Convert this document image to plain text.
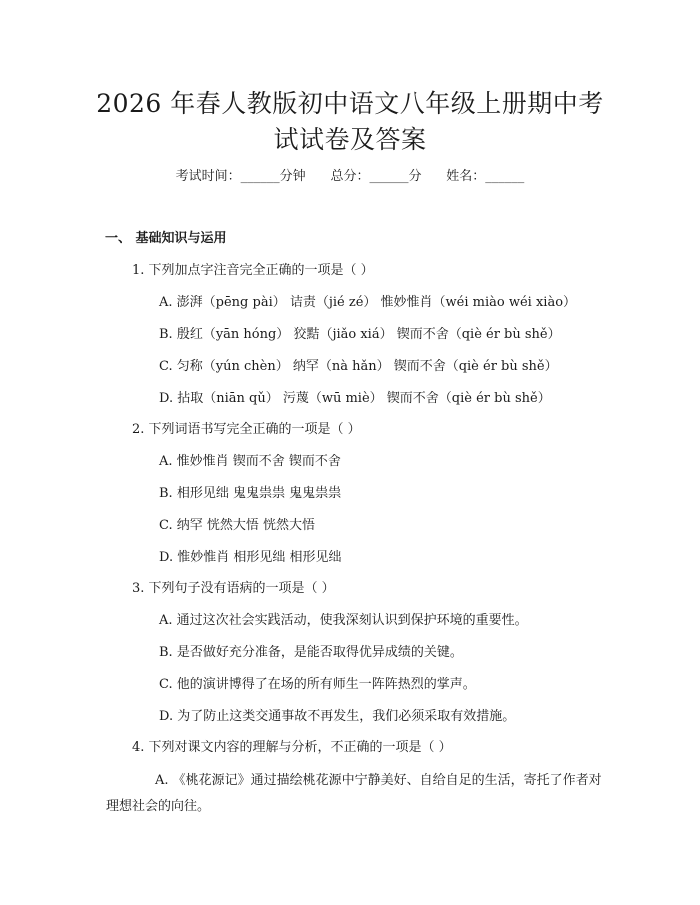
2026 年春人教版初中语文八年级上册期中考
试试卷及答案
考试时间：______分钟 总分：______分 姓名：______
一、 基础知识与运用
1. 下列加点字注音完全正确的一项是（ ）
A. 澎湃（pēng pài） 诘责（jié zé） 惟妙惟肖（wéi miào wéi xiào）
B. 殷红（yān hóng） 狡黠（jiǎo xiá） 锲而不舍（qiè ér bù shě）
C. 匀称（yún chèn） 纳罕（nà hǎn） 锲而不舍（qiè ér bù shě）
D. 拈取（niān qǔ） 污蔑（wū miè） 锲而不舍（qiè ér bù shě）
2. 下列词语书写完全正确的一项是（ ）
A. 惟妙惟肖 锲而不舍 锲而不舍
B. 相形见绌 鬼鬼祟祟 鬼鬼祟祟
C. 纳罕 恍然大悟 恍然大悟
D. 惟妙惟肖 相形见绌 相形见绌
3. 下列句子没有语病的一项是（ ）
A. 通过这次社会实践活动，使我深刻认识到保护环境的重要性。
B. 是否做好充分准备，是能否取得优异成绩的关键。
C. 他的演讲博得了在场的所有师生一阵阵热烈的掌声。
D. 为了防止这类交通事故不再发生，我们必须采取有效措施。
4. 下列对课文内容的理解与分析，不正确的一项是（ ）
A. 《桃花源记》通过描绘桃花源中宁静美好、自给自足的生活，寄托了作者对理想社会的向往。
